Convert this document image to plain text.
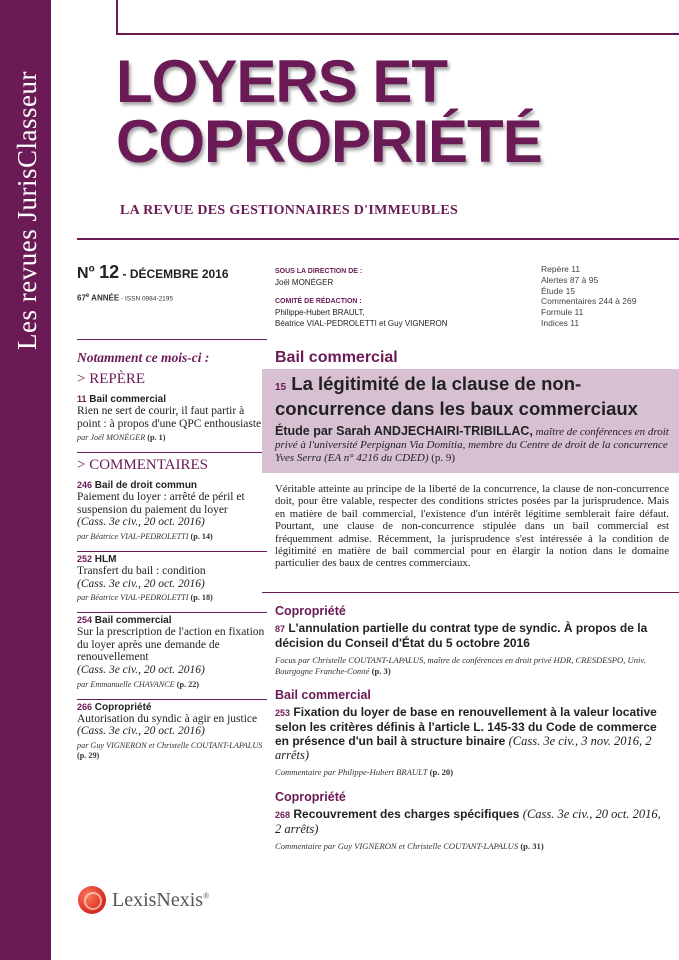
Les revues JurisClasseur LOYERS ET
COPROPRIÉTÉ
LA REVUE DES GESTIONNAIRES D'IMMEUBLES
$N^o$ 12 - DÉCEMBRE 2016
67e ANNÉE - ISSN 0984-2195
SOUS LA DIRECTION DE :
Joël MONÉGER
COMITÉ DE RÉDACTION :
Philippe-Hubert BRAULT,
Béatrice VIAL-PEDROLETTI et Guy VIGNERON
Repère 11
Alertes 87 à 95
Étude 15
Commentaires 244 à 269
Formule 11
Indices 11
Notamment ce mois-ci :
> REPÈRE
11 Bail commercial
Rien ne sert de courir, il faut partir à point : à propos d'une QPC enthousiaste
par Joël MONÉGER (p. 1)
> COMMENTAIRES
246 Bail de droit commun
Paiement du loyer : arrêté de péril et suspension du paiement du loyer
(Cass. 3e civ., 20 oct. 2016)
par Béatrice VIAL-PEDROLETTI (p. 14)
252 HLM
Transfert du bail : condition
(Cass. 3e civ., 20 oct. 2016)
par Béatrice VIAL-PEDROLETTI (p. 18)
254 Bail commercial
Sur la prescription de l'action en fixation du loyer après une demande de renouvellement
(Cass. 3e civ., 20 oct. 2016)
par Emmanuelle CHAVANCE (p. 22)
266 Copropriété
Autorisation du syndic à agir en justice
(Cass. 3e civ., 20 oct. 2016)
par Guy VIGNERON et Christelle COUTANT-LAPALUS (p. 29)
Bail commercial
15 La légitimité de la clause de non-concurrence dans les baux commerciaux
Étude par Sarah ANDJECHAIRI-TRIBILLAC, maître de conférences en droit privé à l'université Perpignan Via Domitia, membre du Centre de droit de la concurrence Yves Serra (EA n° 4216 du CDED) (p. 9)
Véritable atteinte au principe de la liberté de la concurrence, la clause de non-concurrence doit, pour être valable, respecter des conditions strictes posées par la jurisprudence. Mais en matière de bail commercial, l'existence d'un intérêt légitime semblerait faire défaut. Pourtant, une clause de non-concurrence stipulée dans un bail commercial est fréquemment admise. Récemment, la jurisprudence s'est intéressée à la condition de légitimité en matière de bail commercial pour en élargir la notion dans le domaine particulier des baux de centres commerciaux.
Copropriété
87 L'annulation partielle du contrat type de syndic. À propos de la décision du Conseil d'État du 5 octobre 2016
Focus par Christelle COUTANT-LAPALUS, maître de conférences en droit privé HDR, CRESDESPO, Univ. Bourgogne Franche-Comté (p. 3)
Bail commercial
253 Fixation du loyer de base en renouvellement à la valeur locative selon les critères définis à l'article L. 145-33 du Code de commerce en présence d'un bail à structure binaire (Cass. 3e civ., 3 nov. 2016, 2 arrêts)
Commentaire par Philippe-Hubert BRAULT (p. 20)
Copropriété
268 Recouvrement des charges spécifiques (Cass. 3e civ., 20 oct. 2016, 2 arrêts)
Commentaire par Guy VIGNERON et Christelle COUTANT-LAPALUS (p. 31)
LexisNexis®
